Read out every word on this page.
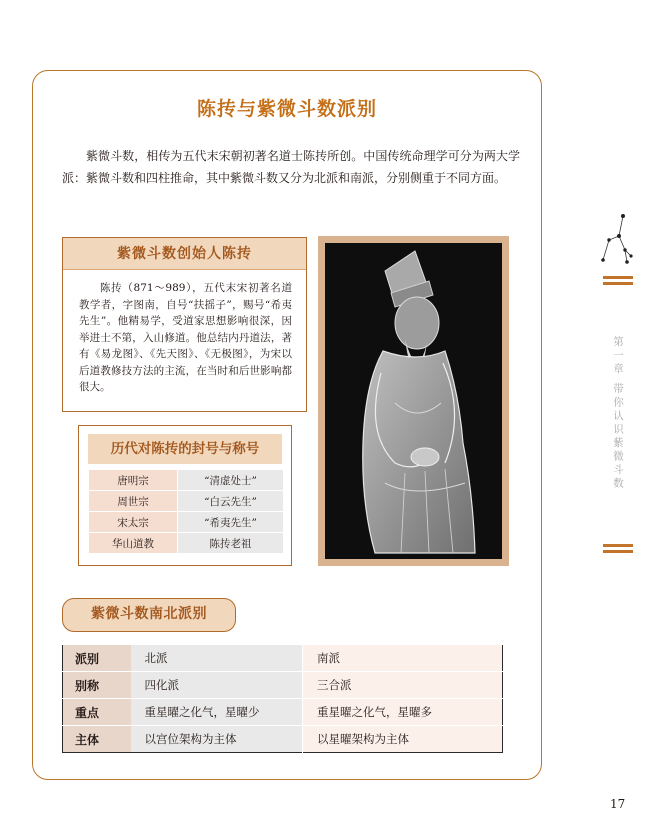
陈抟与紫微斗数派别

紫微斗数，相传为五代末宋朝初著名道士陈抟所创。中国传统命理学可分为两大学派：紫微斗数和四柱推命，其中紫微斗数又分为北派和南派，分别侧重于不同方面。

紫微斗数创始人陈抟

陈抟（871～989），五代末宋初著名道教学者，字图南，自号“扶摇子”，赐号“希夷先生”。他精易学，受道家思想影响很深，因举进士不第，入山修道。他总结内丹道法，著有《易龙图》、《先天图》、《无极图》，为宋以后道教修技方法的主流，在当时和后世影响都很大。

历代对陈抟的封号与称号
唐明宗	“清虚处士”
周世宗	“白云先生”
宋太宗	“希夷先生”
华山道教	陈抟老祖
紫微斗数南北派别
派别	北派	南派
别称	四化派	三合派
重点	重星曜之化气，星曜少	重星曜之化气，星曜多
主体	以宫位架构为主体	以星曜架构为主体
第一章 带你认识紫微斗数
17
